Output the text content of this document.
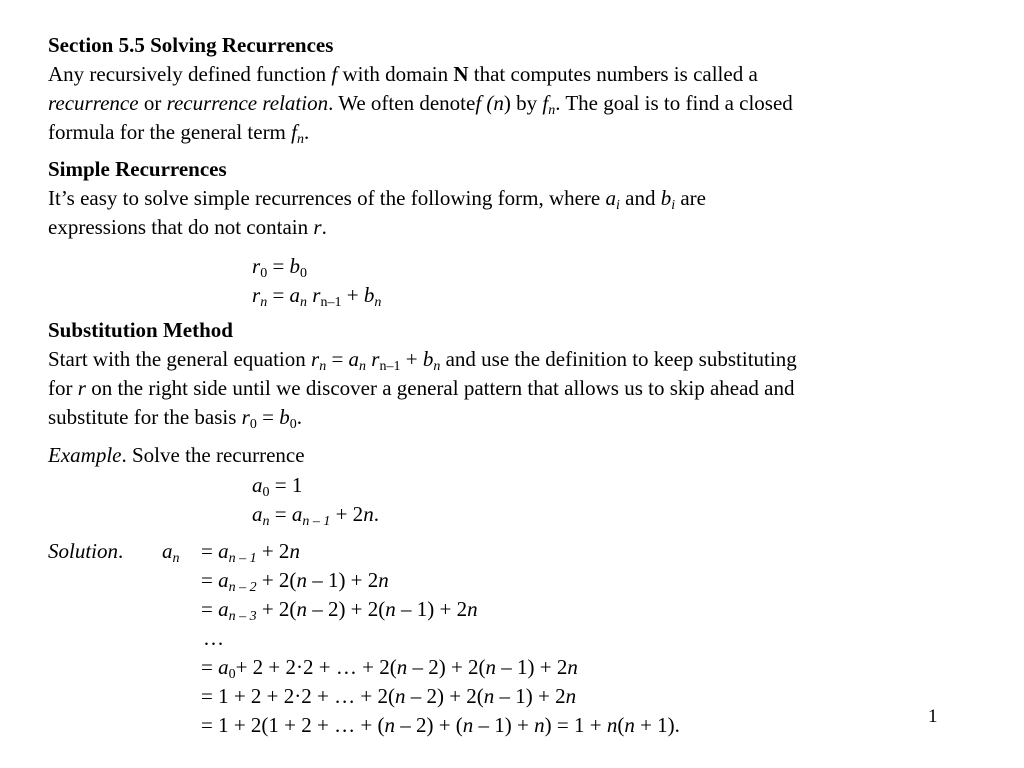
Section 5.5 Solving Recurrences
Any recursively defined function f with domain N that computes numbers is called a
recurrence or recurrence relation. We often denotef (n) by $f_n$. The goal is to find a closed
formula for the general term $f_n$.
Simple Recurrences
It’s easy to solve simple recurrences of the following form, where $a_i$ and $b_i$ are
expressions that do not contain r.
$r_0 = b_0$
$r_n = a_n$ $r_{n-1} + b_n$
Substitution Method
Start with the general equation $r_n = a_n$ $r_{n-1} + b_n$ and use the definition to keep substituting
for r on the right side until we discover a general pattern that allows us to skip ahead and
substitute for the basis $r_0 = b_0$.
Example. Solve the recurrence
$a_0 = 1$
$a_n = a_{n - 1} + 2n$.
Solution. $a_n = a_{n - 1} + 2n$
= $a_{n - 2} + 2(n - 1) + 2n$
= $a_{n - 3} + 2(n - 2) + 2(n - 1) + 2n$
…
= $a_0+ 2 + 2\cdot 2$ + … + 2(n – 2) + 2(n – 1) + 2n
= 1 + 2 + 2·2 + … + 2(n – 2) + 2(n – 1) + 2n
= 1 + 2(1 + 2 + … + (n – 2) + (n – 1) + n) = 1 + n(n + 1).	1
